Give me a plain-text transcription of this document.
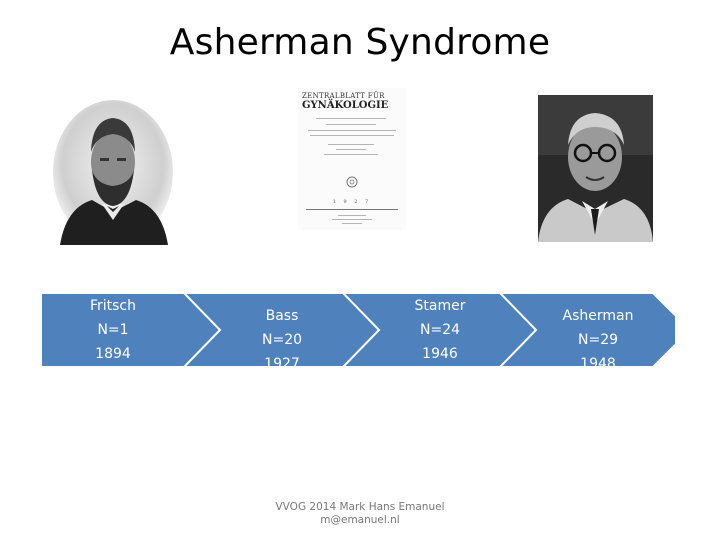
Asherman Syndrome
ZENTRALBLATT FÜR
GYNÄKOLOGIE
1 9 2 7
Fritsch
N=1
1894
Bass
N=20
1927
Stamer
N=24
1946
Asherman
N=29
1948
VVOG 2014 Mark Hans Emanuel
m@emanuel.nl
